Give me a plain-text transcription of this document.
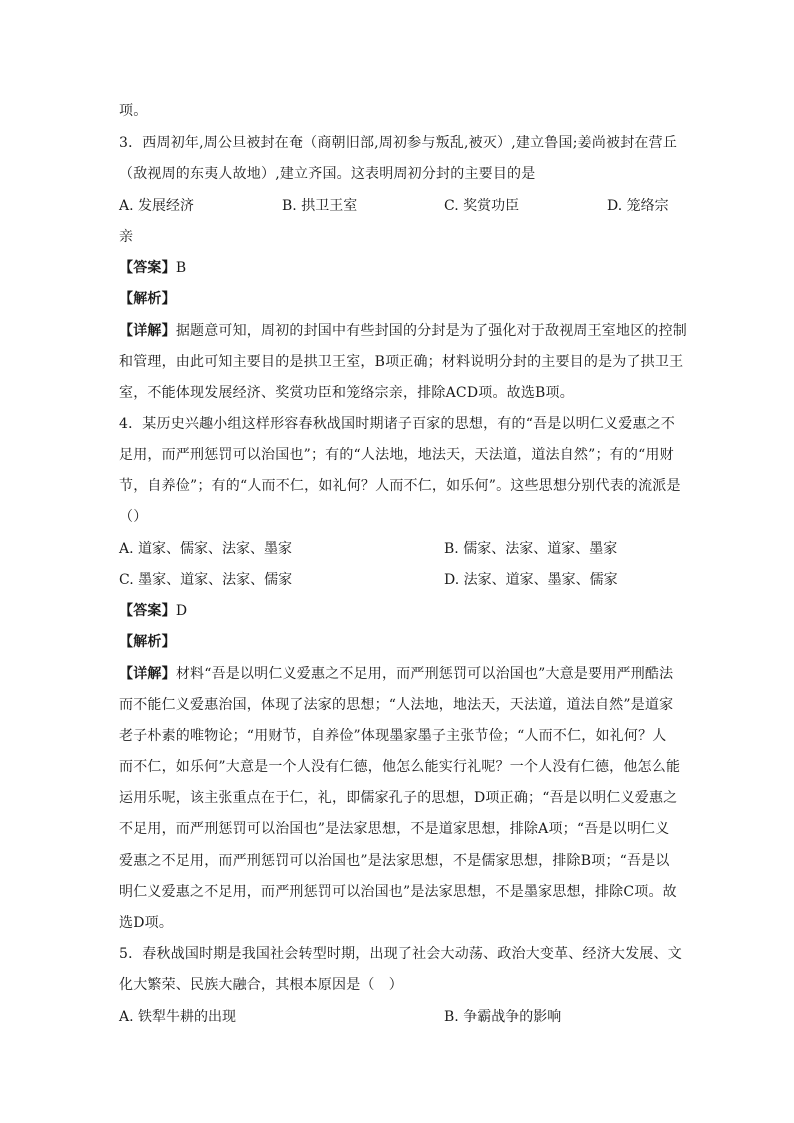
项。
3．西周初年,周公旦被封在奄（商朝旧部,周初参与叛乱,被灭）,建立鲁国;姜尚被封在营丘
（敌视周的东夷人故地）,建立齐国。这表明周初分封的主要目的是
A. 发展经济	B. 拱卫王室	C. 奖赏功臣	D. 笼络宗
亲
【答案】B
【解析】
【详解】据题意可知，周初的封国中有些封国的分封是为了强化对于敌视周王室地区的控制
和管理，由此可知主要目的是拱卫王室，B项正确；材料说明分封的主要目的是为了拱卫王
室，不能体现发展经济、奖赏功臣和笼络宗亲，排除ACD项。故选B项。
4．某历史兴趣小组这样形容春秋战国时期诸子百家的思想，有的“吾是以明仁义爱惠之不
足用，而严刑惩罚可以治国也”；有的“人法地，地法天，天法道，道法自然”；有的“用财
节，自养俭”；有的“人而不仁，如礼何？人而不仁，如乐何”。这些思想分别代表的流派是
（）
A. 道家、儒家、法家、墨家	B. 儒家、法家、道家、墨家
C. 墨家、道家、法家、儒家	D. 法家、道家、墨家、儒家
【答案】D
【解析】
【详解】材料“吾是以明仁义爱惠之不足用，而严刑惩罚可以治国也”大意是要用严刑酷法
而不能仁义爱惠治国，体现了法家的思想；“人法地，地法天，天法道，道法自然”是道家
老子朴素的唯物论；“用财节，自养俭”体现墨家墨子主张节俭；“人而不仁，如礼何？人
而不仁，如乐何”大意是一个人没有仁德，他怎么能实行礼呢？一个人没有仁德，他怎么能
运用乐呢，该主张重点在于仁，礼，即儒家孔子的思想，D项正确；“吾是以明仁义爱惠之
不足用，而严刑惩罚可以治国也”是法家思想，不是道家思想，排除A项；“吾是以明仁义
爱惠之不足用，而严刑惩罚可以治国也”是法家思想，不是儒家思想，排除B项；“吾是以
明仁义爱惠之不足用，而严刑惩罚可以治国也”是法家思想，不是墨家思想，排除C项。故
选D项。
5．春秋战国时期是我国社会转型时期，出现了社会大动荡、政治大变革、经济大发展、文
化大繁荣、民族大融合，其根本原因是（　）
A. 铁犁牛耕的出现	B. 争霸战争的影响
